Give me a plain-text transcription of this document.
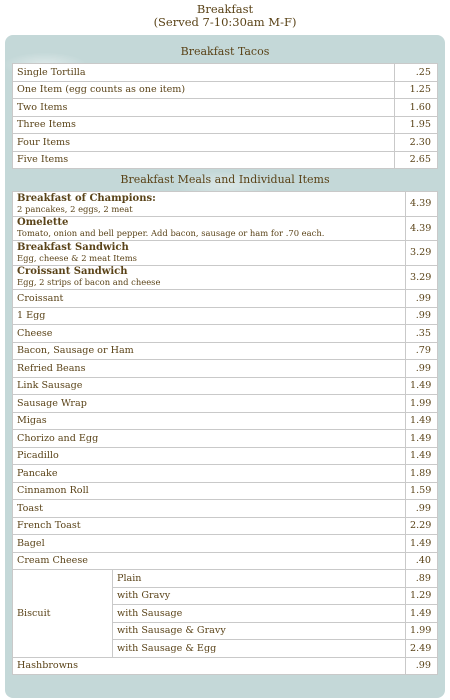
Breakfast
(Served 7-10:30am M-F)
Breakfast Tacos
Single Tortilla	.25
One Item (egg counts as one item)	1.25
Two Items	1.60
Three Items	1.95
Four Items	2.30
Five Items	2.65
Breakfast Meals and Individual Items
Breakfast of Champions:
2 pancakes, 2 eggs, 2 meat		4.39

Omelette
Tomato, onion and bell pepper. Add bacon, sausage or ham for .70 each.		4.39

Breakfast Sandwich
Egg, cheese & 2 meat Items		3.29

Croissant Sandwich
Egg, 2 strips of bacon and cheese		3.29
Croissant		.99
1 Egg		.99
Cheese		.35
Bacon, Sausage or Ham		.79
Refried Beans		.99
Link Sausage		1.49
Sausage Wrap		1.99
Migas		1.49
Chorizo and Egg		1.49
Picadillo		1.49
Pancake		1.89
Cinnamon Roll		1.59
Toast		.99
French Toast		2.29
Bagel		1.49
Cream Cheese		.40
Biscuit	Plain	.89
	with Gravy	1.29
	with Sausage	1.49
	with Sausage & Gravy	1.99
	with Sausage & Egg	2.49
Hashbrowns		.99
